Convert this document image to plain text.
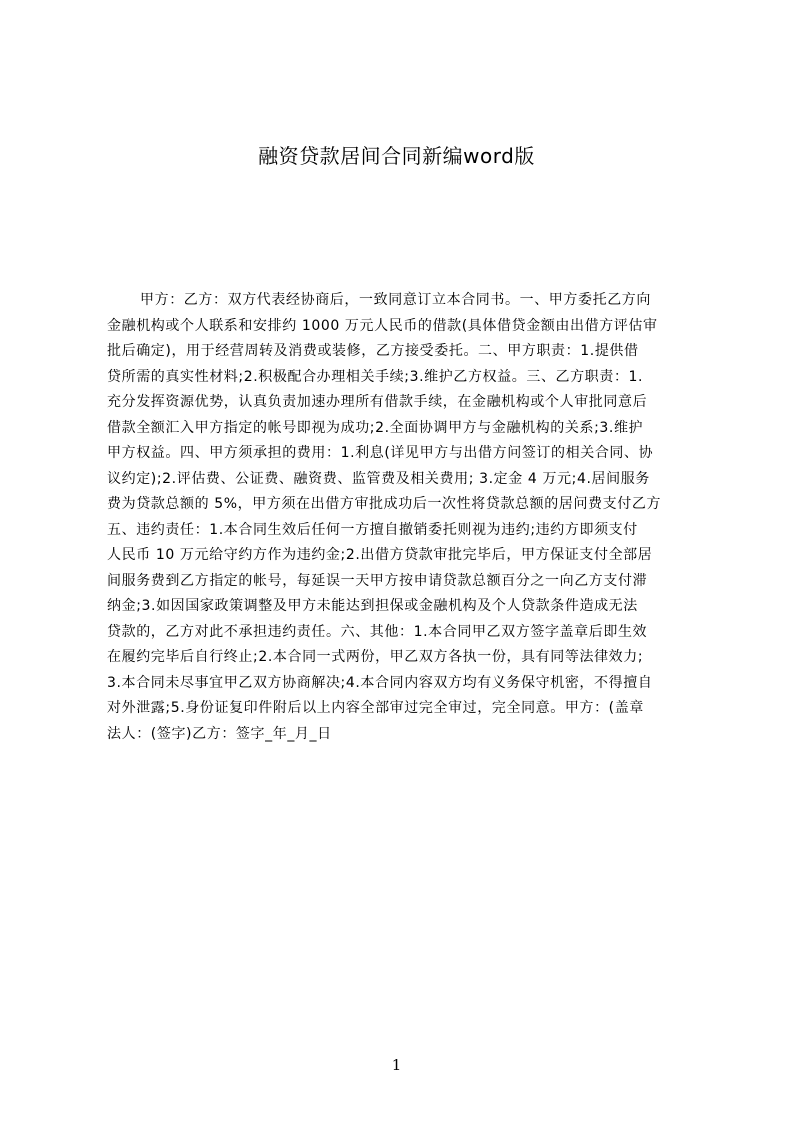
融资贷款居间合同新编word版
甲方：乙方：双方代表经协商后，一致同意订立本合同书。一、甲方委托乙方向
金融机构或个人联系和安排约 1000 万元人民币的借款(具体借贷金额由出借方评估审
批后确定)，用于经营周转及消费或装修，乙方接受委托。二、甲方职责：1.提供借
贷所需的真实性材料;2.积极配合办理相关手续;3.维护乙方权益。三、乙方职责：1.
充分发挥资源优势，认真负责加速办理所有借款手续，在金融机构或个人审批同意后
借款全额汇入甲方指定的帐号即视为成功;2.全面协调甲方与金融机构的关系;3.维护
甲方权益。四、甲方须承担的费用：1.利息(详见甲方与出借方问签订的相关合同、协
议约定);2.评估费、公证费、融资费、监管费及相关费用; 3.定金 4 万元;4.居间服务
费为贷款总额的 5%，甲方须在出借方审批成功后一次性将贷款总额的居问费支付乙方
五、违约责任：1.本合同生效后任何一方擅自撤销委托则视为违约;违约方即须支付
人民币 10 万元给守约方作为违约金;2.出借方贷款审批完毕后，甲方保证支付全部居
间服务费到乙方指定的帐号，每延误一天甲方按申请贷款总额百分之一向乙方支付滞
纳金;3.如因国家政策调整及甲方未能达到担保或金融机构及个人贷款条件造成无法
贷款的，乙方对此不承担违约责任。六、其他：1.本合同甲乙双方签字盖章后即生效
在履约完毕后自行终止;2.本合同一式两份，甲乙双方各执一份，具有同等法律效力;
3.本合同未尽事宜甲乙双方协商解决;4.本合同内容双方均有义务保守机密，不得擅自
对外泄露;5.身份证复印件附后以上内容全部审过完全审过，完全同意。甲方：(盖章
法人：(签字)乙方：签字_年_月_日
1
